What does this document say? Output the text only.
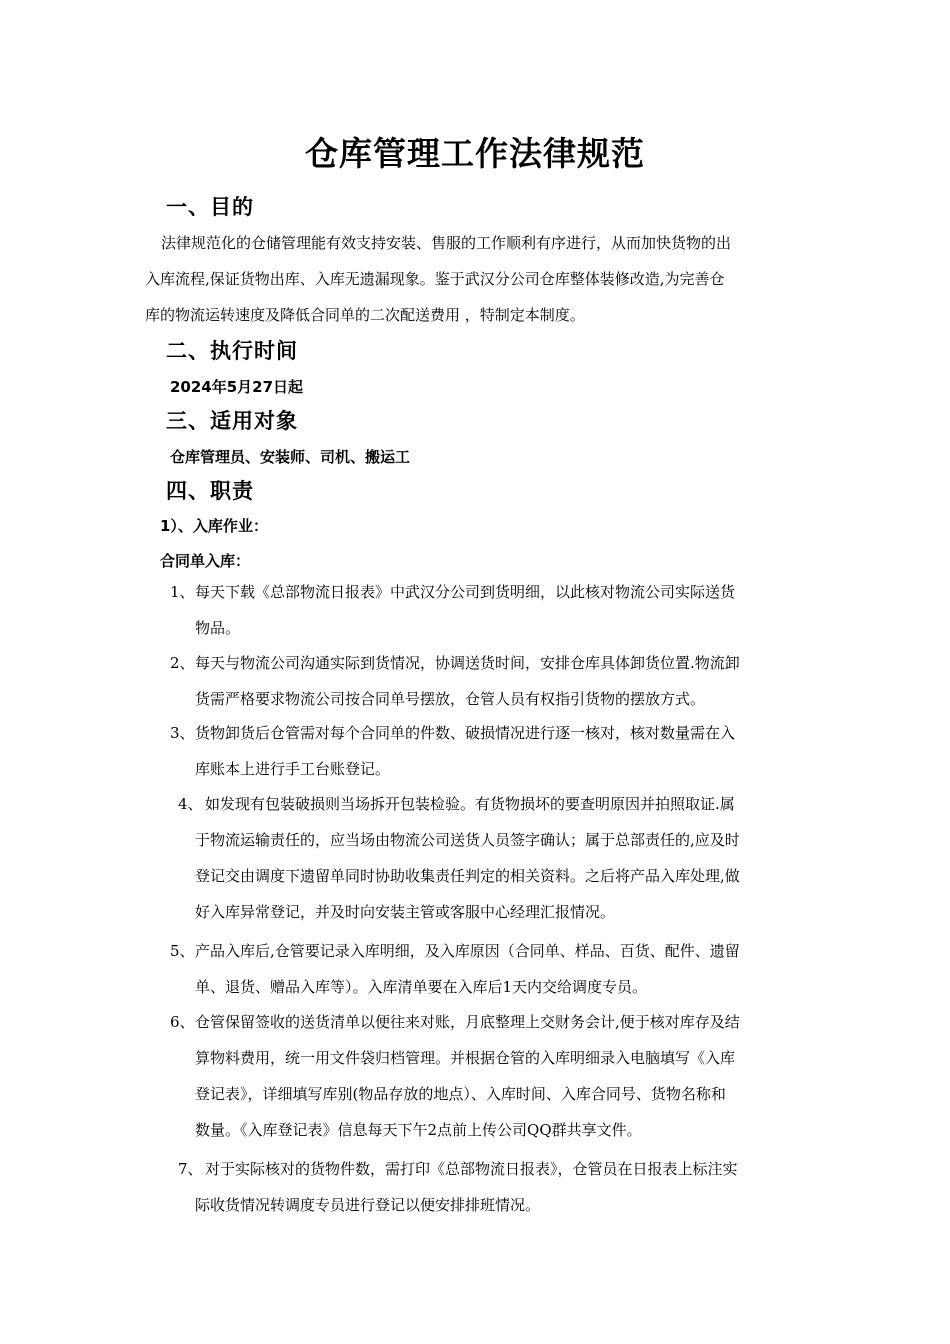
仓库管理工作法律规范
一、目的
法律规范化的仓储管理能有效支持安装、售服的工作顺利有序进行，从而加快货物的出
入库流程,保证货物出库、入库无遗漏现象。鉴于武汉分公司仓库整体装修改造,为完善仓
库的物流运转速度及降低合同单的二次配送费用 ，特制定本制度。
二、执行时间
2024年5月27日起
三、适用对象
仓库管理员、安装师、司机、搬运工
四、职责
1）、入库作业：
合同单入库：
1、 每天下载《总部物流日报表》中武汉分公司到货明细，以此核对物流公司实际送货
物品。
2、 每天与物流公司沟通实际到货情况，协调送货时间，安排仓库具体卸货位置.物流卸
货需严格要求物流公司按合同单号摆放，仓管人员有权指引货物的摆放方式。
3、 货物卸货后仓管需对每个合同单的件数、破损情况进行逐一核对，核对数量需在入
库账本上进行手工台账登记。
4、 如发现有包装破损则当场拆开包装检验。有货物损坏的要查明原因并拍照取证.属
于物流运输责任的，应当场由物流公司送货人员签字确认；属于总部责任的,应及时
登记交由调度下遗留单同时协助收集责任判定的相关资料。之后将产品入库处理,做
好入库异常登记，并及时向安装主管或客服中心经理汇报情况。
5、 产品入库后,仓管要记录入库明细，及入库原因（合同单、样品、百货、配件、遗留
单、退货、赠品入库等）。入库清单要在入库后1天内交给调度专员。
6、 仓管保留签收的送货清单以便往来对账，月底整理上交财务会计,便于核对库存及结
算物料费用，统一用文件袋归档管理。并根据仓管的入库明细录入电脑填写《入库
登记表》，详细填写库别(物品存放的地点）、入库时间、入库合同号、货物名称和
数量。《入库登记表》信息每天下午2点前上传公司QQ群共享文件。
7、 对于实际核对的货物件数，需打印《总部物流日报表》，仓管员在日报表上标注实
际收货情况转调度专员进行登记以便安排排班情况。
